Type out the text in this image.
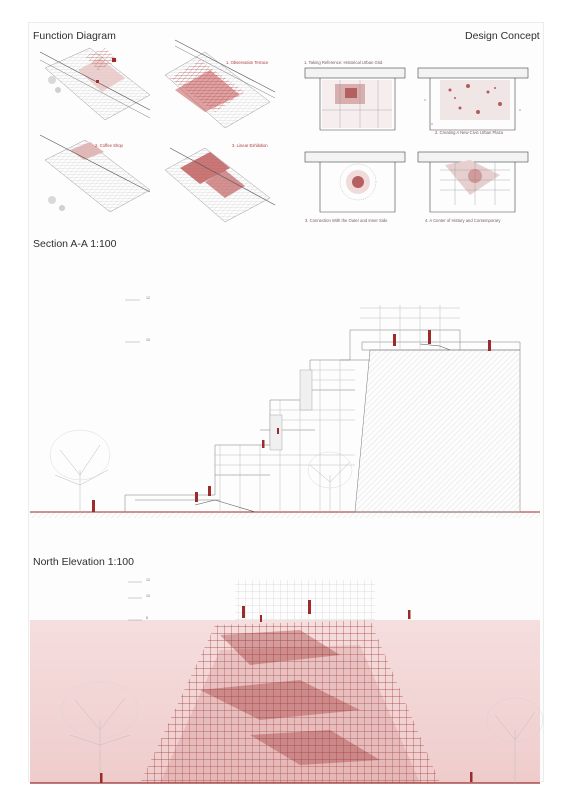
Function Diagram	Design Concept
Section A-A 1:100
North Elevation 1:100
1. Observation Terrace
2. Coffee Shop	3. Linear Exhibition
1. Taking Reference: Historical Urban Grid
2. Creating A New Civic Urban Plaza
3. Connection With the Outer and Inner Side	4. A Center of History and Contemporary
12
10
12
10
8
